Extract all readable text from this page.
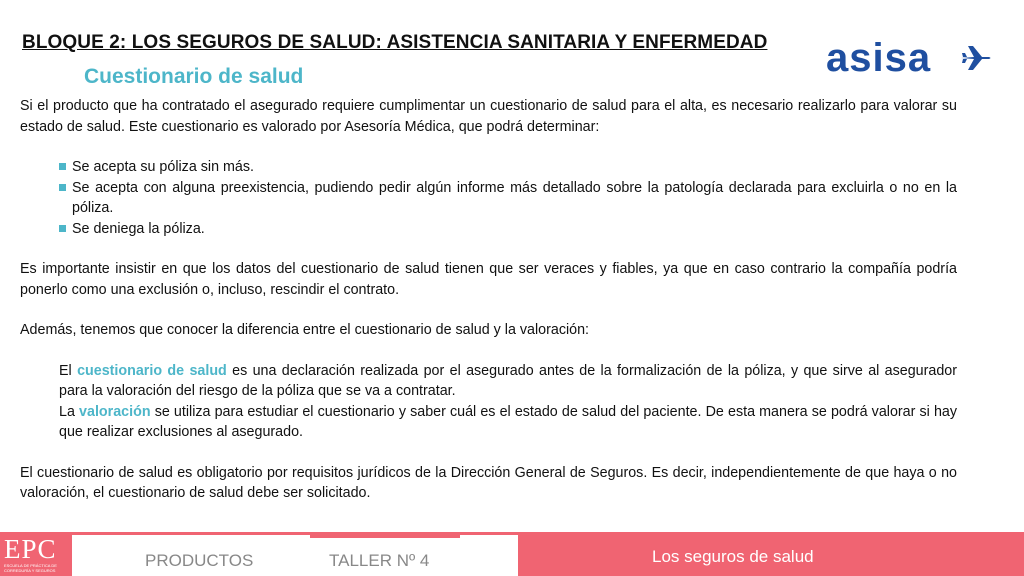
BLOQUE 2: LOS SEGUROS DE SALUD: ASISTENCIA SANITARIA Y ENFERMEDAD
Cuestionario de salud	asisa

Si el producto que ha contratado el asegurado requiere cumplimentar un cuestionario de salud para el alta, es necesario realizarlo para valorar su estado de salud. Este cuestionario es valorado por Asesoría Médica, que podrá determinar:

Se acepta su póliza sin más.
Se acepta con alguna preexistencia, pudiendo pedir algún informe más detallado sobre la patología declarada para excluirla o no en la póliza.
Se deniega la póliza.

Es importante insistir en que los datos del cuestionario de salud tienen que ser veraces y fiables, ya que en caso contrario la compañía podría ponerlo como una exclusión o, incluso, rescindir el contrato.

Además, tenemos que conocer la diferencia entre el cuestionario de salud y la valoración:

El cuestionario de salud es una declaración realizada por el asegurado antes de la formalización de la póliza, y que sirve al asegurador para la valoración del riesgo de la póliza que se va a contratar.

La valoración se utiliza para estudiar el cuestionario y saber cuál es el estado de salud del paciente. De esta manera se podrá valorar si hay que realizar exclusiones al asegurado.

El cuestionario de salud es obligatorio por requisitos jurídicos de la Dirección General de Seguros. Es decir, independientemente de que haya o no valoración, el cuestionario de salud debe ser solicitado.

EPC
ESCUELA DE PRÁCTICA DE CORREDURÍA Y SEGUROS
PRODUCTOS	TALLER Nº 4	Los seguros de salud
